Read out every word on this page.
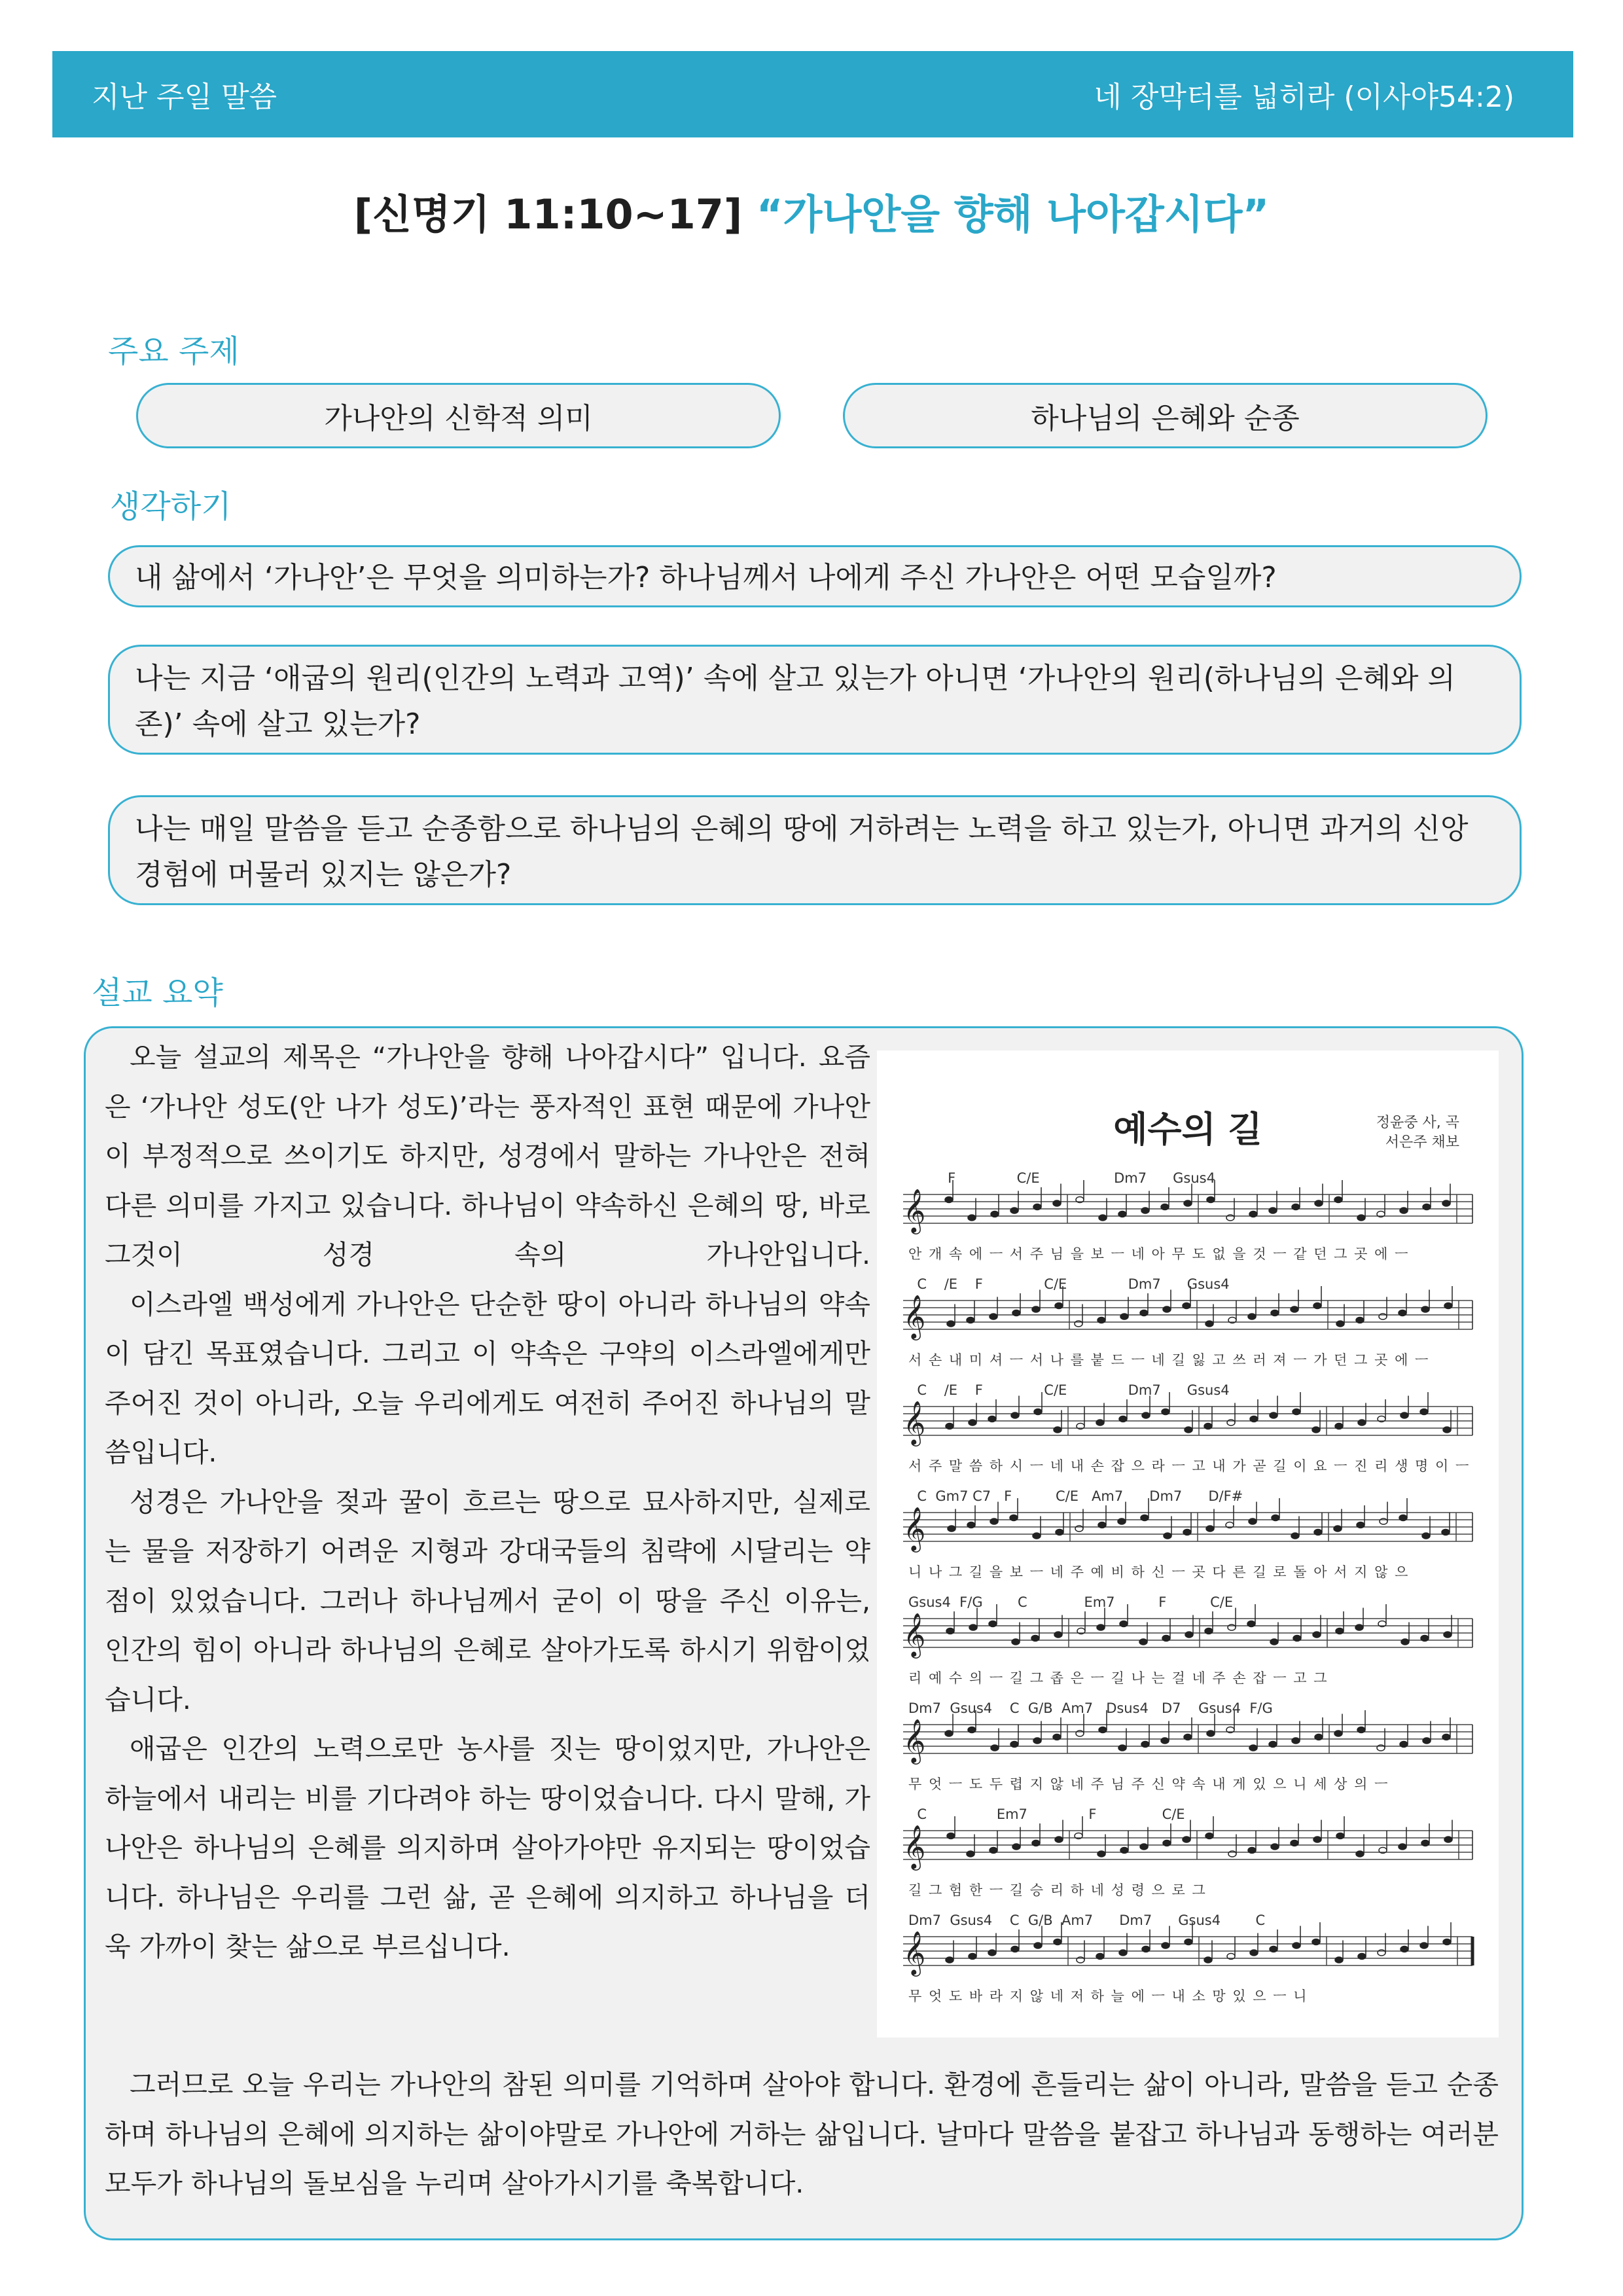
지난 주일 말씀	네 장막터를 넓히라 (이사야54:2)
[신명기 11:10~17] “가나안을 향해 나아갑시다”
주요 주제
가나안의 신학적 의미	하나님의 은혜와 순종
생각하기
내 삶에서 ‘가나안’은 무엇을 의미하는가? 하나님께서 나에게 주신 가나안은 어떤 모습일까?
나는 지금 ‘애굽의 원리(인간의 노력과 고역)’ 속에 살고 있는가 아니면 ‘가나안의 원리(하나님의 은혜와 의존)’ 속에 살고 있는가?
나는 매일 말씀을 듣고 순종함으로 하나님의 은혜의 땅에 거하려는 노력을 하고 있는가, 아니면 과거의 신앙 경험에 머물러 있지는 않은가?
설교 요약

오늘 설교의 제목은 “가나안을 향해 나아갑시다” 입니다. 요즘은 ‘가나안 성도(안 나가 성도)’라는 풍자적인 표현 때문에 가나안이 부정적으로 쓰이기도 하지만, 성경에서 말하는 가나안은 전혀 다른 의미를 가지고 있습니다. 하나님이 약속하신 은혜의 땅, 바로 그것이 성경 속의 가나안입니다.

이스라엘 백성에게 가나안은 단순한 땅이 아니라 하나님의 약속이 담긴 목표였습니다. 그리고 이 약속은 구약의 이스라엘에게만 주어진 것이 아니라, 오늘 우리에게도 여전히 주어진 하나님의 말씀입니다.

성경은 가나안을 젖과 꿀이 흐르는 땅으로 묘사하지만, 실제로는 물을 저장하기 어려운 지형과 강대국들의 침략에 시달리는 약점이 있었습니다. 그러나 하나님께서 굳이 이 땅을 주신 이유는, 인간의 힘이 아니라 하나님의 은혜로 살아가도록 하시기 위함이었습니다.

애굽은 인간의 노력으로만 농사를 짓는 땅이었지만, 가나안은 하늘에서 내리는 비를 기다려야 하는 땅이었습니다. 다시 말해, 가나안은 하나님의 은혜를 의지하며 살아가야만 유지되는 땅이었습니다. 하나님은 우리를 그런 삶, 곧 은혜에 의지하고 하나님을 더욱 가까이 찾는 삶으로 부르십니다.

𝄞
𝄞
𝄞
𝄞
𝄞
𝄞
𝄞
𝄞
예수의 길	정윤중 사, 곡
서은주 채보
F              C/E                 Dm7      Gsus4
안 개 속 에 ㅡ 서 주 님 을 보 ㅡ 네 아 무 도 없 을 것 ㅡ 같 던 그 곳 에 ㅡ
C    /E    F              C/E              Dm7      Gsus4
서 손 내 미 셔 ㅡ 서 나 를 붙 드 ㅡ 네 길 잃 고 쓰 러 져 ㅡ 가 던 그 곳 에 ㅡ
C    /E    F              C/E              Dm7      Gsus4
서 주 말 씀 하 시 ㅡ 네 내 손 잡 으 라 ㅡ 고 내 가 곧 길 이 요 ㅡ 진 리 생 명 이 ㅡ
C  Gm7 C7   F          C/E   Am7      Dm7      D/F#
니 나 그 길 을 보 ㅡ 네 주 예 비 하 신 ㅡ 곳 다 른 길 로 돌 아 서 지 않 으
Gsus4  F/G        C             Em7          F          C/E
리 예 수 의 ㅡ 길 그 좁 은 ㅡ 길 나 는 걸 네 주 손 잡 ㅡ 고 그
Dm7  Gsus4    C  G/B  Am7   Dsus4   D7    Gsus4  F/G
무 엇 ㅡ 도 두 렵 지 않 네 주 님 주 신 약 속 내 게 있 으 니 세 상 의 ㅡ
C                Em7              F               C/E
길 그 험 한 ㅡ 길 승 리 하 네 성 령 으 로 그
Dm7  Gsus4    C  G/B  Am7      Dm7      Gsus4        C
무 엇 도 바 라 지 않 네 저 하 늘 에 ㅡ 내 소 망 있 으 ㅡ 니

그러므로 오늘 우리는 가나안의 참된 의미를 기억하며 살아야 합니다. 환경에 흔들리는 삶이 아니라, 말씀을 듣고 순종하며 하나님의 은혜에 의지하는 삶이야말로 가나안에 거하는 삶입니다. 날마다 말씀을 붙잡고 하나님과 동행하는 여러분 모두가 하나님의 돌보심을 누리며 살아가시기를 축복합니다.
